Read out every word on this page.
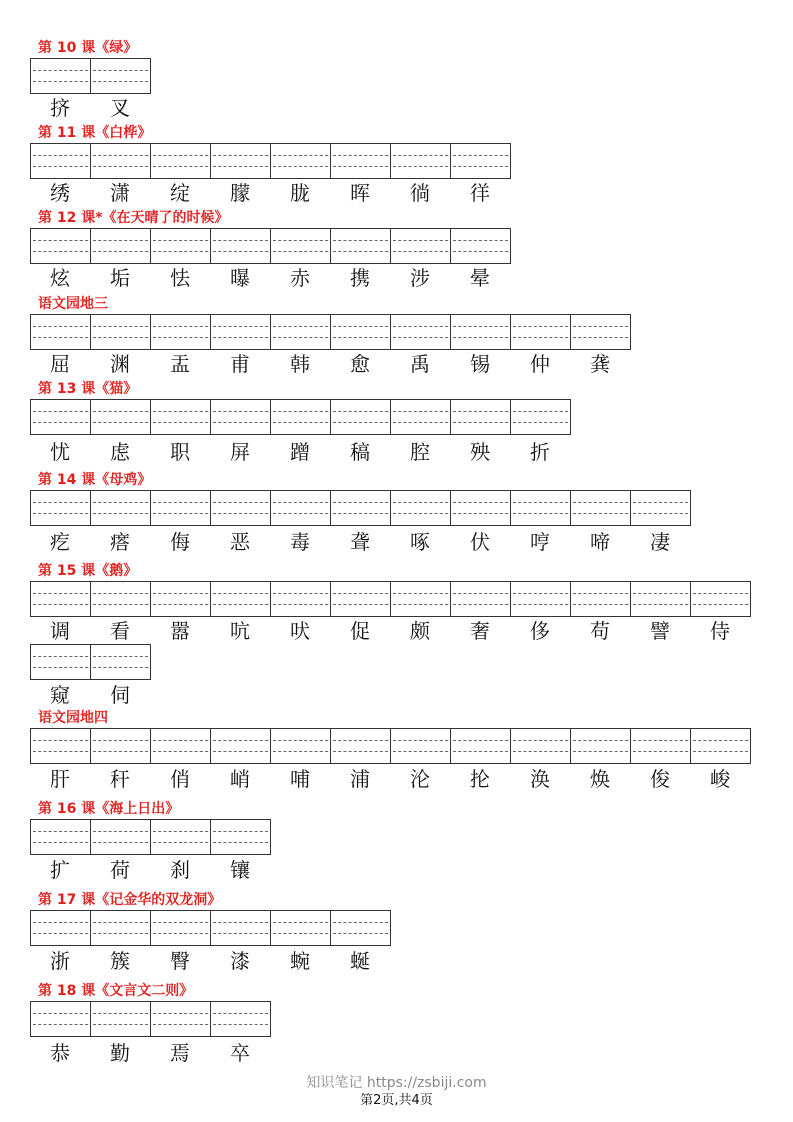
第 10 课《绿》
挤	叉
第 11 课《白桦》
绣	潇	绽	朦	胧	晖	徜	徉
第 12 课*《在天晴了的时候》
炫	垢	怯	曝	赤	携	涉	晕
语文园地三
屈	渊	盂	甫	韩	愈	禹	锡	仲	龚
第 13 课《猫》
忧	虑	职	屏	蹭	稿	腔	殃	折
第 14 课《母鸡》
疙	瘩	侮	恶	毒	聋	啄	伏	哼	啼	凄
第 15 课《鹅》
调	看	嚣	吭	吠	促	颇	奢	侈	苟	譬	侍
窥	伺
语文园地四
肝	秆	俏	峭	哺	浦	沦	抡	涣	焕	俊	峻
第 16 课《海上日出》
扩	荷	刹	镶
第 17 课《记金华的双龙洞》
浙	簇	臀	漆	蜿	蜒
第 18 课《文言文二则》
恭	勤	焉	卒
知识笔记 https://zsbiji.com
第2页,共4页
